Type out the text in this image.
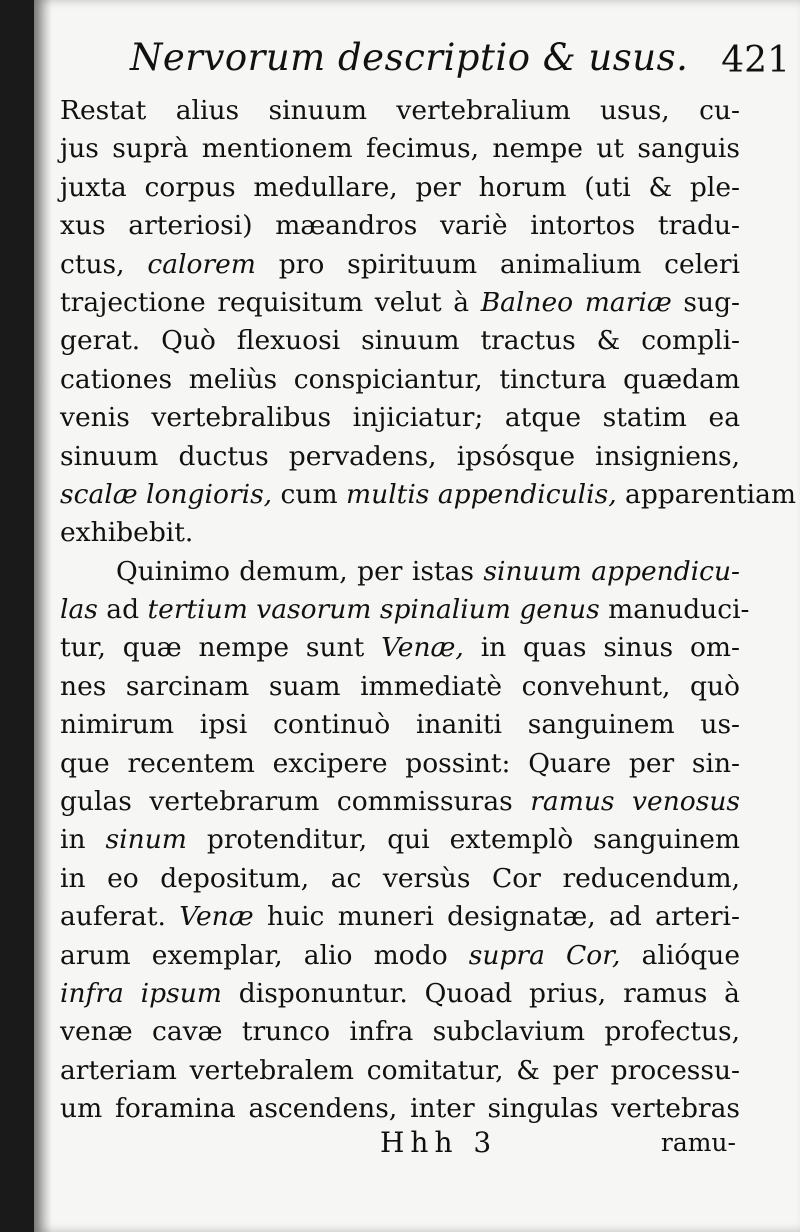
Nervorum descriptio & usus. 421
Restat alius sinuum vertebralium usus, cu-
jus suprà mentionem fecimus, nempe ut sanguis
juxta corpus medullare, per horum (uti & ple-
xus arteriosi) mæandros variè intortos tradu-
ctus, calorem pro spirituum animalium celeri
trajectione requisitum velut à Balneo mariæ sug-
gerat. Quò flexuosi sinuum tractus & compli-
cationes meliùs conspiciantur, tinctura quædam
venis vertebralibus injiciatur; atque statim ea
sinuum ductus pervadens, ipsósque insigniens,
scalæ longioris, cum multis appendiculis, apparentiam
exhibebit.
Quinimo demum, per istas sinuum appendicu-
las ad tertium vasorum spinalium genus manuduci-
tur, quæ nempe sunt Venæ, in quas sinus om-
nes sarcinam suam immediatè convehunt, quò
nimirum ipsi continuò inaniti sanguinem us-
que recentem excipere possint: Quare per sin-
gulas vertebrarum commissuras ramus venosus
in sinum protenditur, qui extemplò sanguinem
in eo depositum, ac versùs Cor reducendum,
auferat. Venæ huic muneri designatæ, ad arteri-
arum exemplar, alio modo supra Cor, alióque
infra ipsum disponuntur. Quoad prius, ramus à
venæ cavæ trunco infra subclavium profectus,
arteriam vertebralem comitatur, & per processu-
um foramina ascendens, inter singulas vertebras
Hhh 3	ramu-
